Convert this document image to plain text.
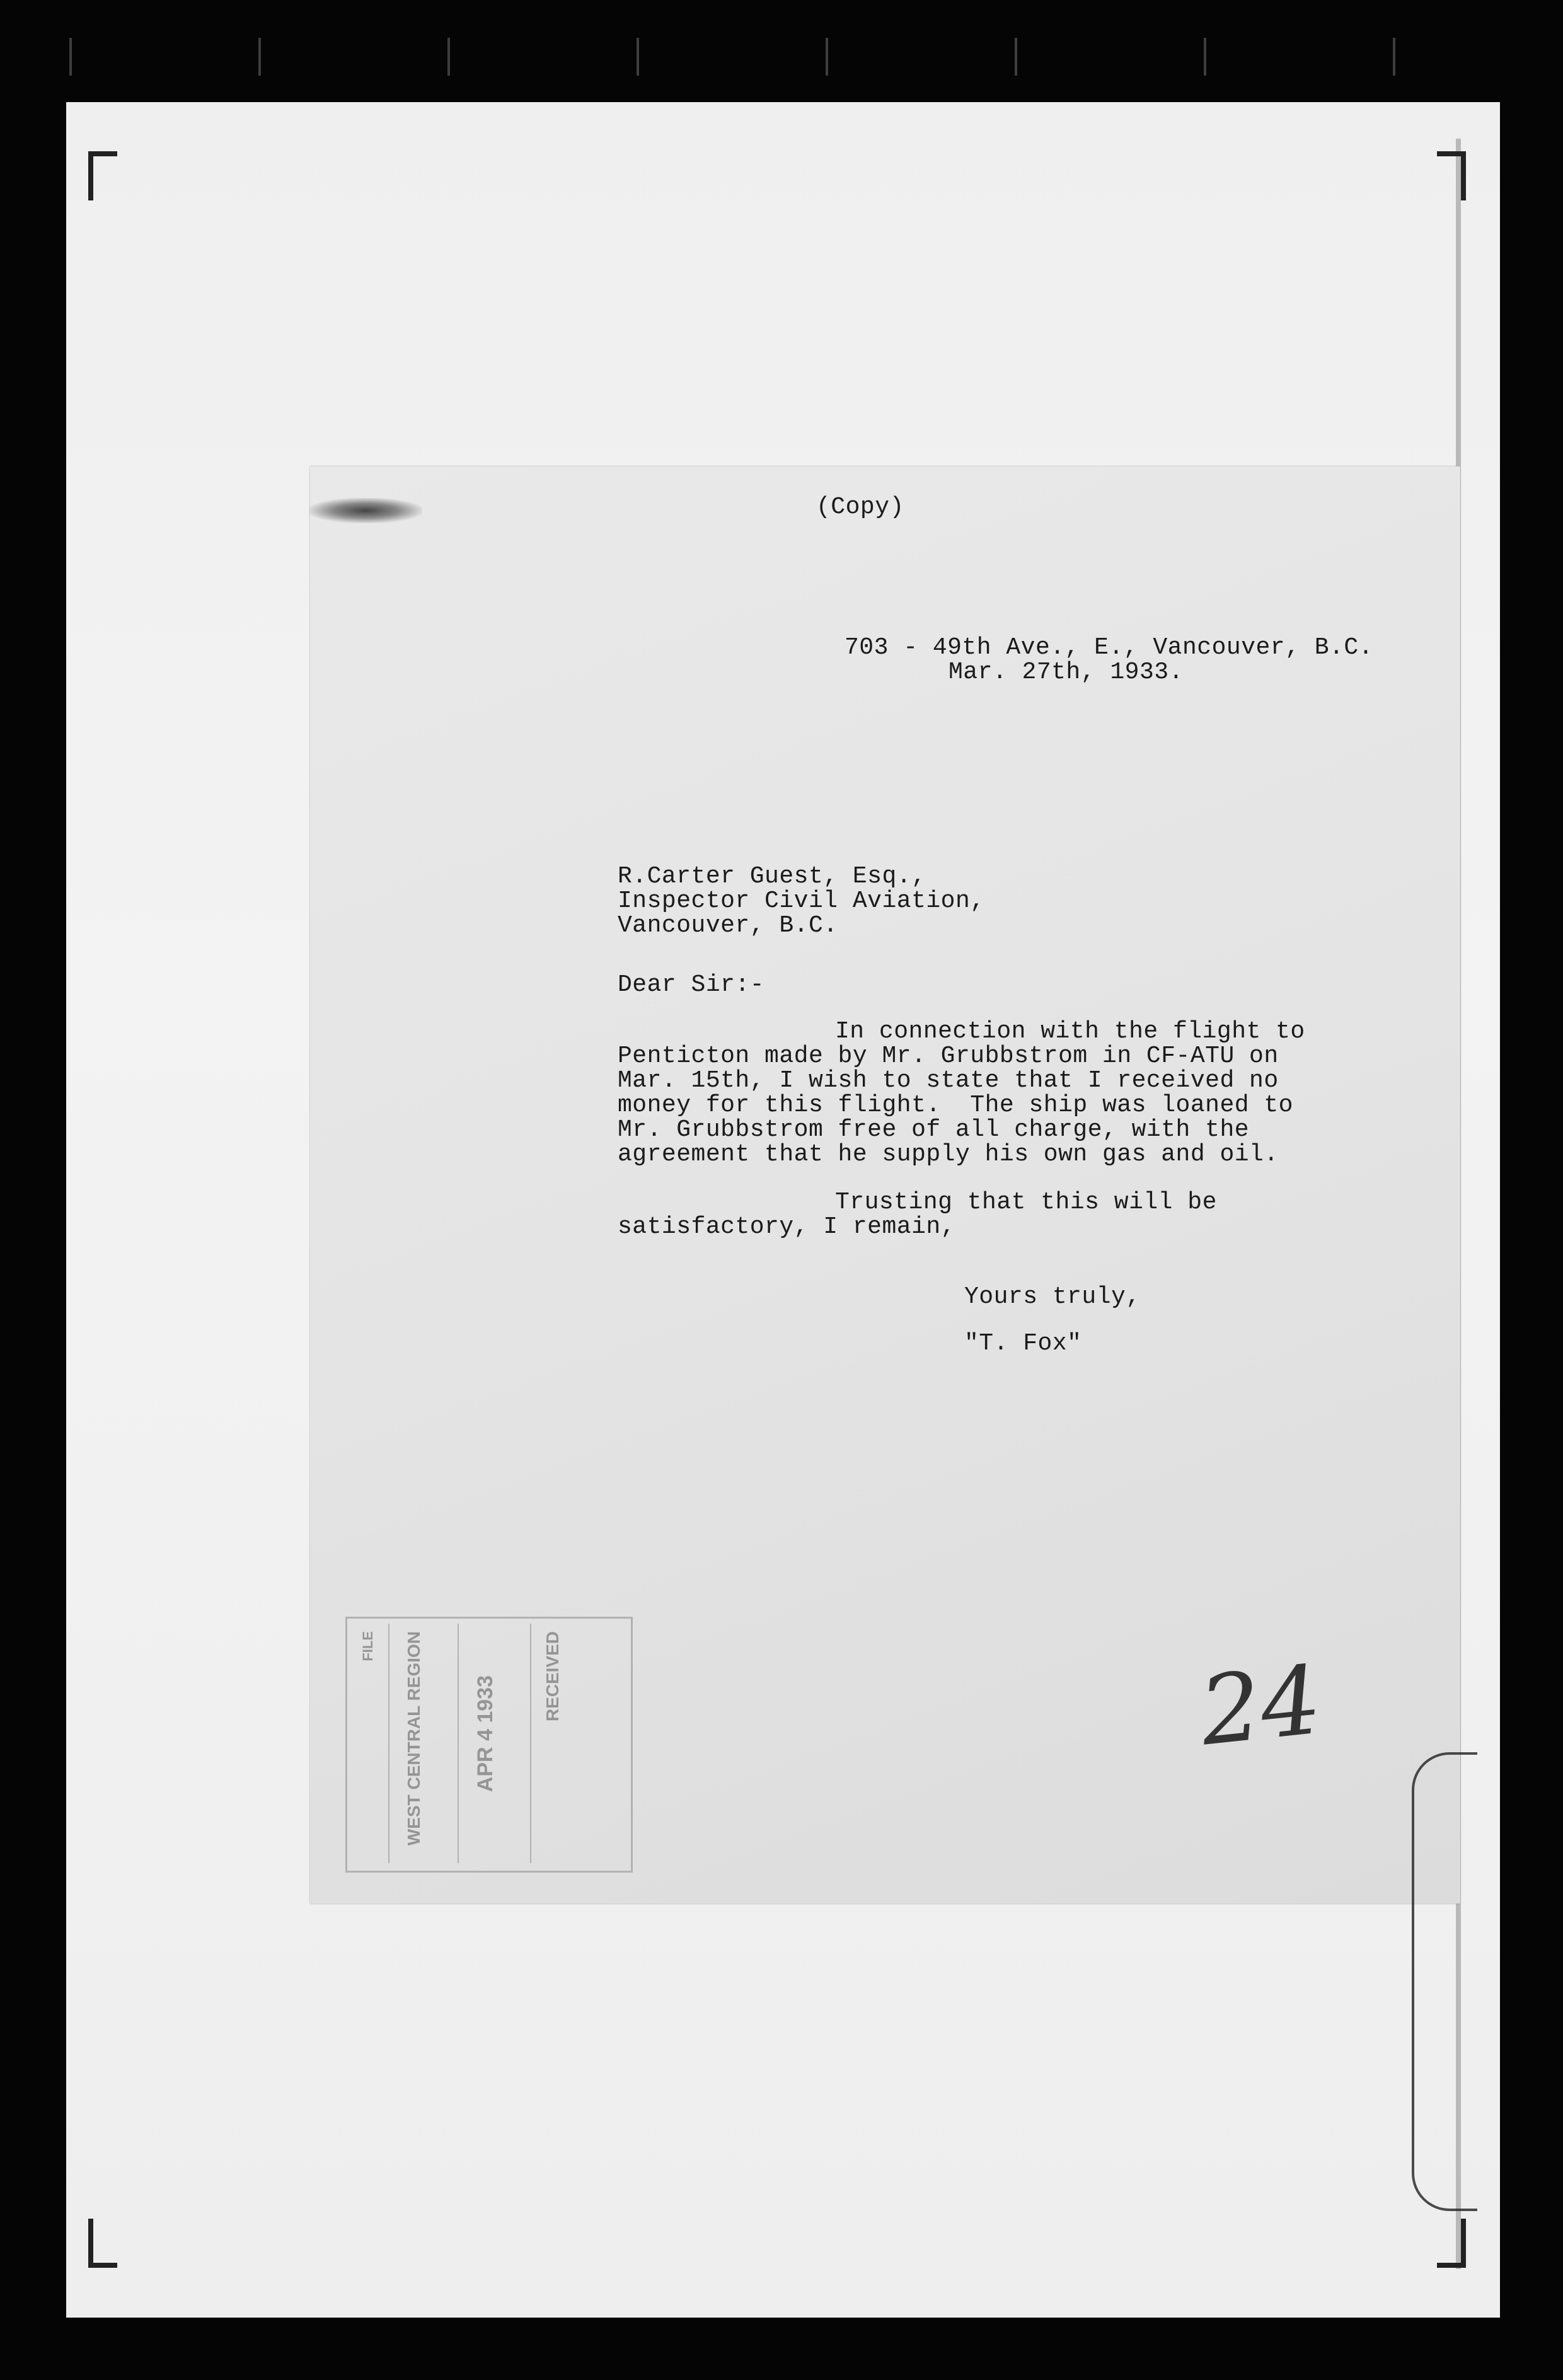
(Copy)
703 - 49th Ave., E., Vancouver, B.C.
Mar. 27th, 1933.
R.Carter Guest, Esq.,
Inspector Civil Aviation,
Vancouver, B.C.
Dear Sir:-
In connection with the flight to
Penticton made by Mr. Grubbstrom in CF-ATU on
Mar. 15th, I wish to state that I received no
money for this flight.  The ship was loaned to
Mr. Grubbstrom free of all charge, with the
agreement that he supply his own gas and oil.
Trusting that this will be
satisfactory, I remain,
Yours truly,
"T. Fox"
RECEIVED
APR 4 1933
WEST CENTRAL REGION
FILE	24
